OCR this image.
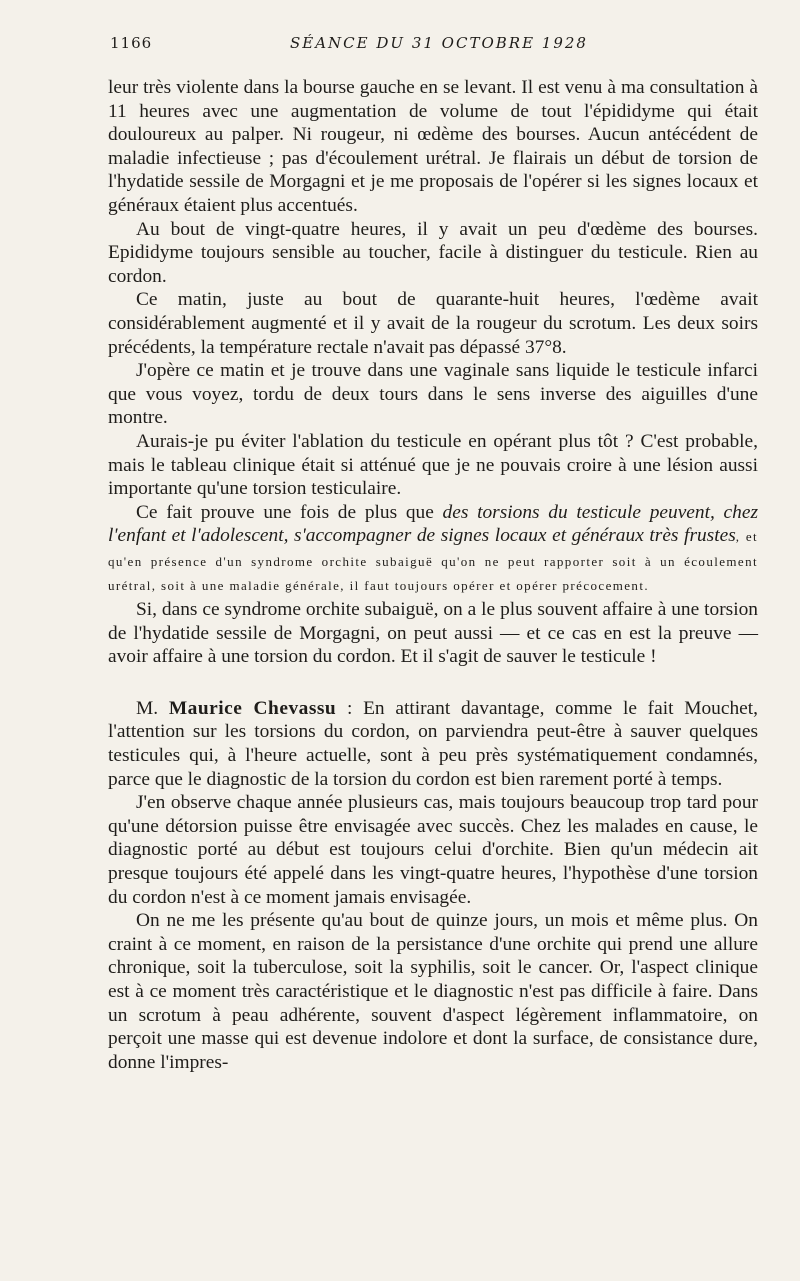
1166	SÉANCE DU 31 OCTOBRE 1928

leur très violente dans la bourse gauche en se levant. Il est venu à ma consultation à 11 heures avec une augmentation de volume de tout l'épididyme qui était douloureux au palper. Ni rougeur, ni œdème des bourses. Aucun antécédent de maladie infectieuse ; pas d'écoulement urétral. Je flairais un début de torsion de l'hydatide sessile de Morgagni et je me proposais de l'opérer si les signes locaux et généraux étaient plus accentués.

Au bout de vingt-quatre heures, il y avait un peu d'œdème des bourses. Epididyme toujours sensible au toucher, facile à distinguer du testicule. Rien au cordon.

Ce matin, juste au bout de quarante-huit heures, l'œdème avait considérablement augmenté et il y avait de la rougeur du scrotum. Les deux soirs précédents, la température rectale n'avait pas dépassé 37°8.

J'opère ce matin et je trouve dans une vaginale sans liquide le testicule infarci que vous voyez, tordu de deux tours dans le sens inverse des aiguilles d'une montre.

Aurais-je pu éviter l'ablation du testicule en opérant plus tôt ? C'est probable, mais le tableau clinique était si atténué que je ne pouvais croire à une lésion aussi importante qu'une torsion testiculaire.

Ce fait prouve une fois de plus que des torsions du testicule peuvent, chez l'enfant et l'adolescent, s'accompagner de signes locaux et généraux très frustes, et qu'en présence d'un syndrome orchite subaiguë qu'on ne peut rapporter soit à un écoulement urétral, soit à une maladie générale, il faut toujours opérer et opérer précocement.

Si, dans ce syndrome orchite subaiguë, on a le plus souvent affaire à une torsion de l'hydatide sessile de Morgagni, on peut aussi — et ce cas en est la preuve — avoir affaire à une torsion du cordon. Et il s'agit de sauver le testicule !

M. Maurice Chevassu : En attirant davantage, comme le fait Mouchet, l'attention sur les torsions du cordon, on parviendra peut-être à sauver quelques testicules qui, à l'heure actuelle, sont à peu près systématiquement condamnés, parce que le diagnostic de la torsion du cordon est bien rarement porté à temps.

J'en observe chaque année plusieurs cas, mais toujours beaucoup trop tard pour qu'une détorsion puisse être envisagée avec succès. Chez les malades en cause, le diagnostic porté au début est toujours celui d'orchite. Bien qu'un médecin ait presque toujours été appelé dans les vingt-quatre heures, l'hypothèse d'une torsion du cordon n'est à ce moment jamais envisagée.

On ne me les présente qu'au bout de quinze jours, un mois et même plus. On craint à ce moment, en raison de la persistance d'une orchite qui prend une allure chronique, soit la tuberculose, soit la syphilis, soit le cancer. Or, l'aspect clinique est à ce moment très caractéristique et le diagnostic n'est pas difficile à faire. Dans un scrotum à peau adhérente, souvent d'aspect légèrement inflammatoire, on perçoit une masse qui est devenue indolore et dont la surface, de consistance dure, donne l'impres-
